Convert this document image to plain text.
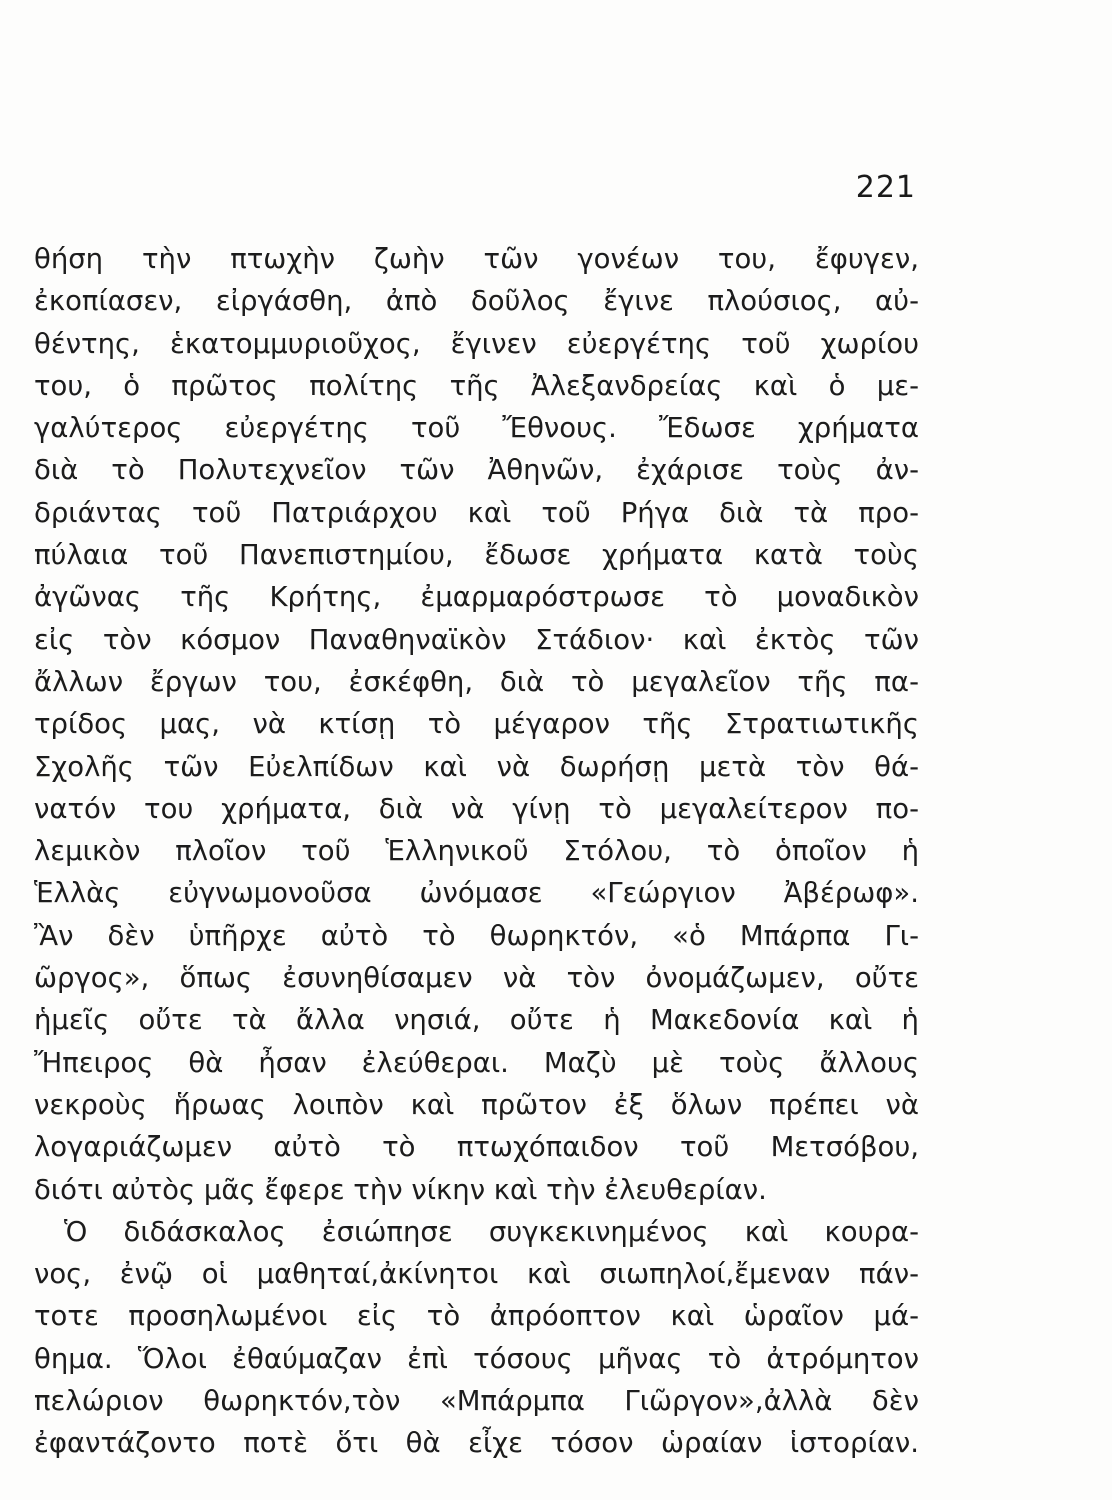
221
θήση τὴν πτωχὴν ζωὴν τῶν γονέων του, ἔφυγεν,
ἐκοπίασεν, εἰργάσθη, ἀπὸ δοῦλος ἔγινε πλούσιος, αὐ-
θέντης, ἑκατομμυριοῦχος, ἔγινεν εὐεργέτης τοῦ χωρίου
του, ὁ πρῶτος πολίτης τῆς Ἀλεξανδρείας καὶ ὁ με-
γαλύτερος εὐεργέτης τοῦ Ἔθνους. Ἔδωσε χρήματα
διὰ τὸ Πολυτεχνεῖον τῶν Ἀθηνῶν, ἐχάρισε τοὺς ἀν-
δριάντας τοῦ Πατριάρχου καὶ τοῦ Ρήγα διὰ τὰ προ-
πύλαια τοῦ Πανεπιστημίου, ἔδωσε χρήματα κατὰ τοὺς
ἀγῶνας τῆς Κρήτης, ἐμαρμαρόστρωσε τὸ μοναδικὸν
εἰς τὸν κόσμον Παναθηναϊκὸν Στάδιον· καὶ ἐκτὸς τῶν
ἄλλων ἔργων του, ἐσκέφθη, διὰ τὸ μεγαλεῖον τῆς πα-
τρίδος μας, νὰ κτίσῃ τὸ μέγαρον τῆς Στρατιωτικῆς
Σχολῆς τῶν Εὐελπίδων καὶ νὰ δωρήσῃ μετὰ τὸν θά-
νατόν του χρήματα, διὰ νὰ γίνῃ τὸ μεγαλείτερον πο-
λεμικὸν πλοῖον τοῦ Ἑλληνικοῦ Στόλου, τὸ ὁποῖον ἡ
Ἑλλὰς εὐγνωμονοῦσα ὠνόμασε «Γεώργιον Ἀβέρωφ».
Ἂν δὲν ὑπῆρχε αὐτὸ τὸ θωρηκτόν, «ὁ Μπάρπα Γι-
ῶργος», ὅπως ἐσυνηθίσαμεν νὰ τὸν ὀνομάζωμεν, οὔτε
ἡμεῖς οὔτε τὰ ἄλλα νησιά, οὔτε ἡ Μακεδονία καὶ ἡ
Ἤπειρος θὰ ἦσαν ἐλεύθεραι. Μαζὺ μὲ τοὺς ἄλλους
νεκροὺς ἥρωας λοιπὸν καὶ πρῶτον ἐξ ὅλων πρέπει νὰ
λογαριάζωμεν αὐτὸ τὸ πτωχόπαιδον τοῦ Μετσόβου,
διότι αὐτὸς μᾶς ἔφερε τὴν νίκην καὶ τὴν ἐλευθερίαν.
Ὁ διδάσκαλος ἐσιώπησε συγκεκινημένος καὶ κουρα-
νος, ἐνῷ οἱ μαθηταί,ἀκίνητοι καὶ σιωπηλοί,ἔμεναν πάν-
τοτε προσηλωμένοι εἰς τὸ ἀπρόοπτον καὶ ὡραῖον μά-
θημα. Ὅλοι ἐθαύμαζαν ἐπὶ τόσους μῆνας τὸ ἀτρόμητον
πελώριον θωρηκτόν,τὸν «Μπάρμπα Γιῶργον»,ἀλλὰ δὲν
ἐφαντάζοντο ποτὲ ὅτι θὰ εἶχε τόσον ὡραίαν ἱστορίαν.
